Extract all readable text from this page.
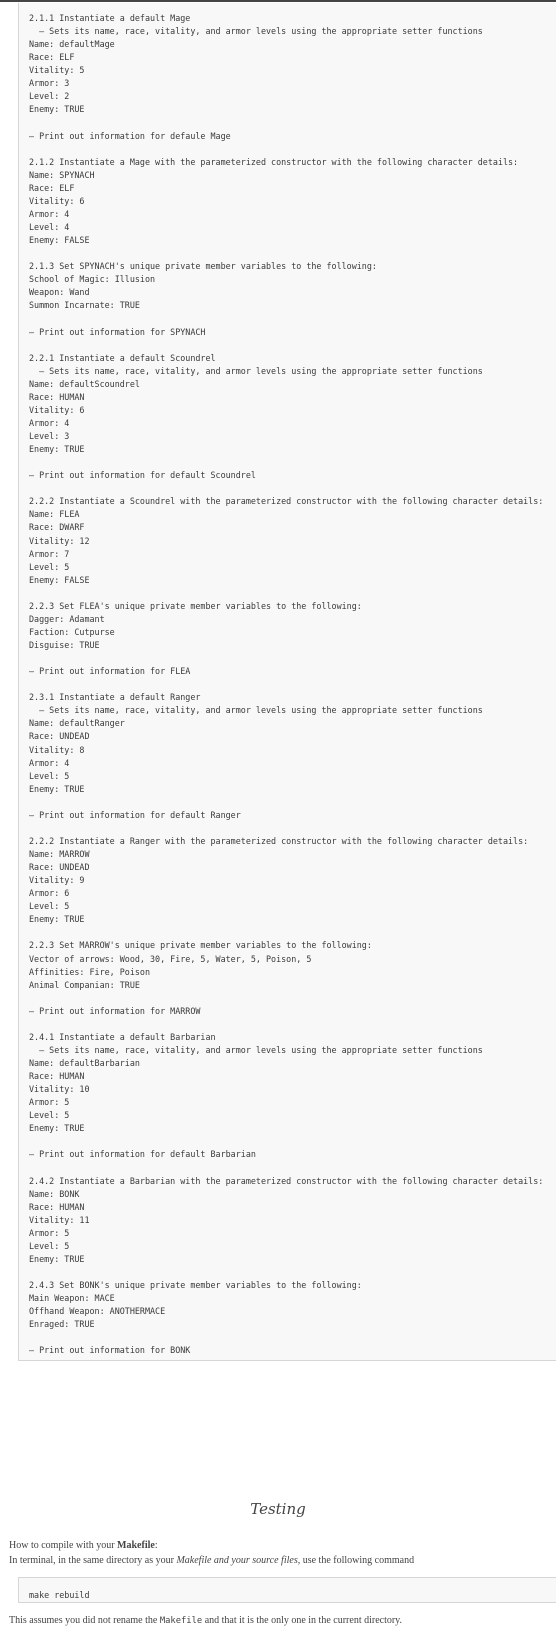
2.1.1 Instantiate a default Mage
– Sets its name, race, vitality, and armor levels using the appropriate setter functions
Name: defaultMage
Race: ELF
Vitality: 5
Armor: 3
Level: 2
Enemy: TRUE

– Print out information for defaule Mage

2.1.2 Instantiate a Mage with the parameterized constructor with the following character details:
Name: SPYNACH
Race: ELF
Vitality: 6
Armor: 4
Level: 4
Enemy: FALSE

2.1.3 Set SPYNACH's unique private member variables to the following:
School of Magic: Illusion
Weapon: Wand
Summon Incarnate: TRUE

– Print out information for SPYNACH

2.2.1 Instantiate a default Scoundrel
– Sets its name, race, vitality, and armor levels using the appropriate setter functions
Name: defaultScoundrel
Race: HUMAN
Vitality: 6
Armor: 4
Level: 3
Enemy: TRUE

– Print out information for default Scoundrel

2.2.2 Instantiate a Scoundrel with the parameterized constructor with the following character details:
Name: FLEA
Race: DWARF
Vitality: 12
Armor: 7
Level: 5
Enemy: FALSE

2.2.3 Set FLEA's unique private member variables to the following:
Dagger: Adamant
Faction: Cutpurse
Disguise: TRUE

– Print out information for FLEA

2.3.1 Instantiate a default Ranger
– Sets its name, race, vitality, and armor levels using the appropriate setter functions
Name: defaultRanger
Race: UNDEAD
Vitality: 8
Armor: 4
Level: 5
Enemy: TRUE

– Print out information for default Ranger

2.2.2 Instantiate a Ranger with the parameterized constructor with the following character details:
Name: MARROW
Race: UNDEAD
Vitality: 9
Armor: 6
Level: 5
Enemy: TRUE

2.2.3 Set MARROW's unique private member variables to the following:
Vector of arrows: Wood, 30, Fire, 5, Water, 5, Poison, 5
Affinities: Fire, Poison
Animal Companian: TRUE

– Print out information for MARROW

2.4.1 Instantiate a default Barbarian
– Sets its name, race, vitality, and armor levels using the appropriate setter functions
Name: defaultBarbarian
Race: HUMAN
Vitality: 10
Armor: 5
Level: 5
Enemy: TRUE

– Print out information for default Barbarian

2.4.2 Instantiate a Barbarian with the parameterized constructor with the following character details:
Name: BONK
Race: HUMAN
Vitality: 11
Armor: 5
Level: 5
Enemy: TRUE

2.4.3 Set BONK's unique private member variables to the following:
Main Weapon: MACE
Offhand Weapon: ANOTHERMACE
Enraged: TRUE

– Print out information for BONK

Testing

How to compile with your Makefile:

In terminal, in the same directory as your Makefile and your source files, use the following command

make rebuild

This assumes you did not rename the Makefile and that it is the only one in the current directory.
